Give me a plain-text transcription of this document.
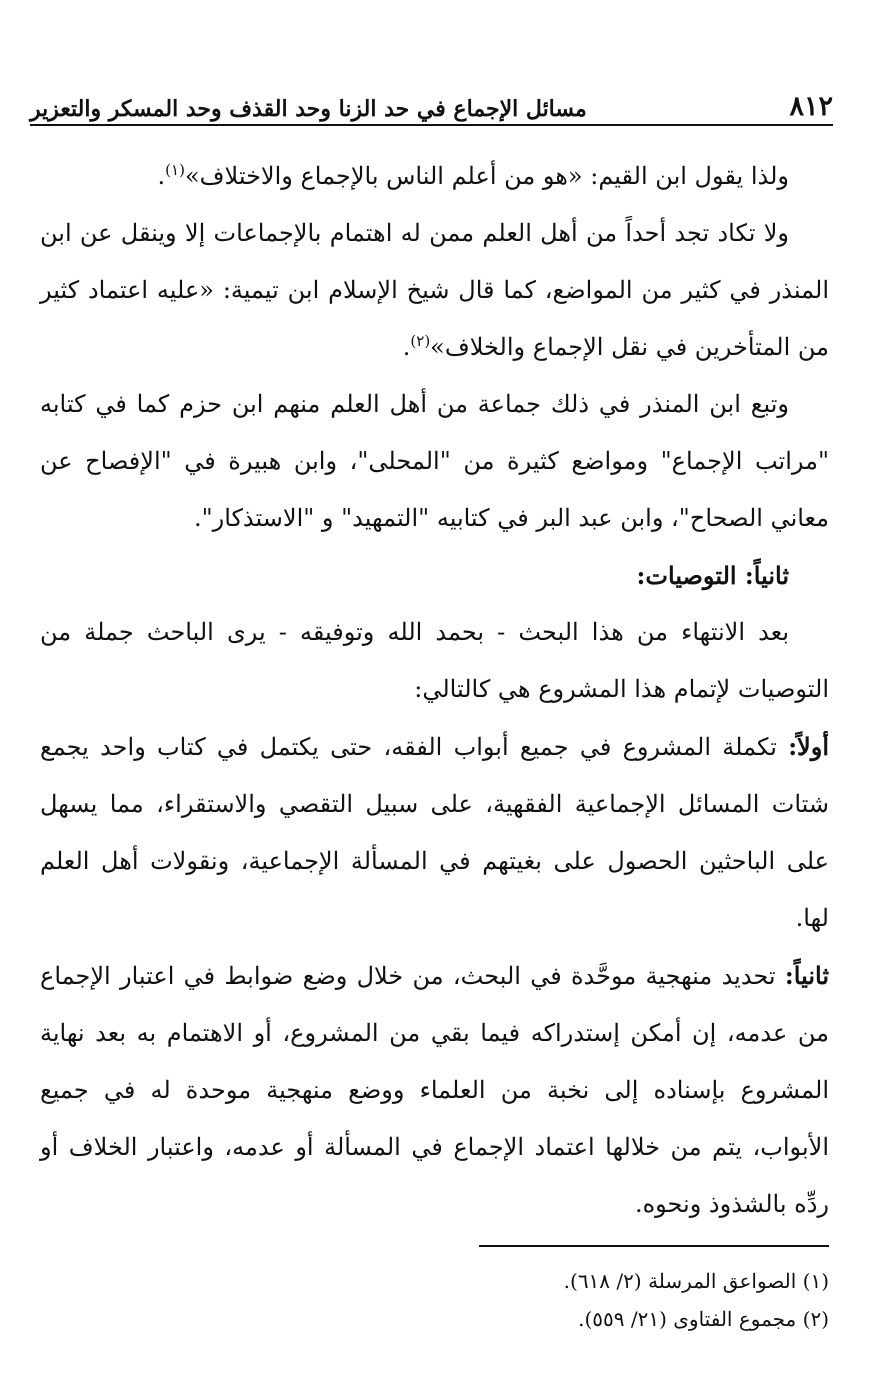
٨١٢
مسائل الإجماع في حد الزنا وحد القذف وحد المسكر والتعزير

ولذا يقول ابن القيم: «هو من أعلم الناس بالإجماع والاختلاف»$^{(١)}$.

ولا تكاد تجد أحداً من أهل العلم ممن له اهتمام بالإجماعات إلا وينقل عن ابن المنذر في كثير من المواضع، كما قال شيخ الإسلام ابن تيمية: «عليه اعتماد كثير من المتأخرين في نقل الإجماع والخلاف»$^{(٢)}$.

وتبع ابن المنذر في ذلك جماعة من أهل العلم منهم ابن حزم كما في كتابه "مراتب الإجماع" ومواضع كثيرة من "المحلى"، وابن هبيرة في "الإفصاح عن معاني الصحاح"، وابن عبد البر في كتابيه "التمهيد" و "الاستذكار".

ثانياً: التوصيات:

بعد الانتهاء من هذا البحث - بحمد الله وتوفيقه - يرى الباحث جملة من التوصيات لإتمام هذا المشروع هي كالتالي:

أولاً: تكملة المشروع في جميع أبواب الفقه، حتى يكتمل في كتاب واحد يجمع شتات المسائل الإجماعية الفقهية، على سبيل التقصي والاستقراء، مما يسهل على الباحثين الحصول على بغيتهم في المسألة الإجماعية، ونقولات أهل العلم لها.

ثانياً: تحديد منهجية موحَّدة في البحث، من خلال وضع ضوابط في اعتبار الإجماع من عدمه، إن أمكن إستدراكه فيما بقي من المشروع، أو الاهتمام به بعد نهاية المشروع بإسناده إلى نخبة من العلماء ووضع منهجية موحدة له في جميع الأبواب، يتم من خلالها اعتماد الإجماع في المسألة أو عدمه، واعتبار الخلاف أو ردِّه بالشذوذ ونحوه.

(١) الصواعق المرسلة (٢/ ٦١٨).

(٢) مجموع الفتاوى (٢١/ ٥٥٩).
